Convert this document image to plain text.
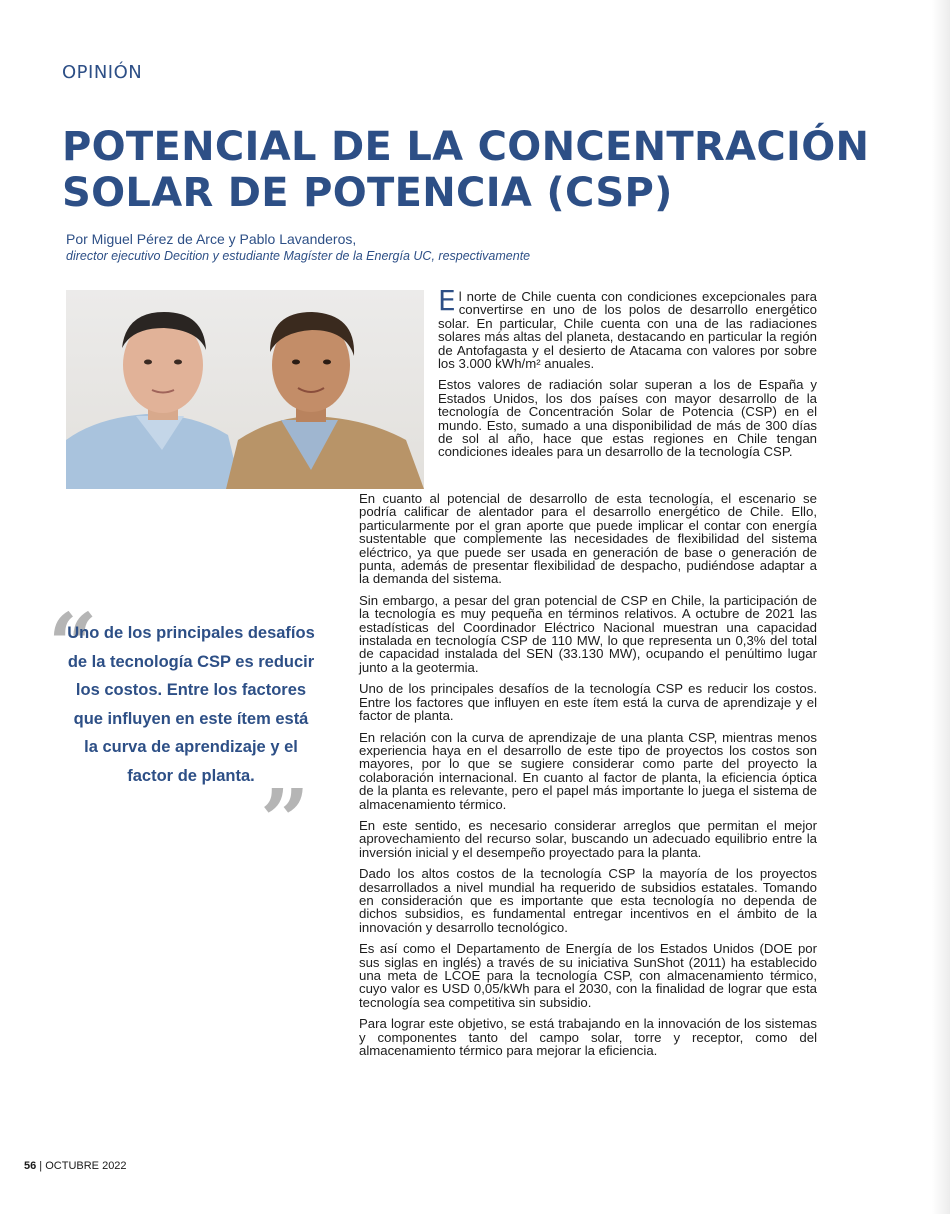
OPINIÓN
POTENCIAL DE LA CONCENTRACIÓN
SOLAR DE POTENCIA (CSP)
Por Miguel Pérez de Arce y Pablo Lavanderos,
director ejecutivo Decition y estudiante Magíster de la Energía UC, respectivamente

El norte de Chile cuenta con condiciones excepcionales para convertirse en uno de los polos de desarrollo energético solar. En particular, Chile cuenta con una de las radiaciones solares más altas del planeta, destacando en particular la región de Antofagasta y el desierto de Atacama con valores por sobre los 3.000 kWh/m² anuales.

Estos valores de radiación solar superan a los de España y Estados Unidos, los dos países con mayor desarrollo de la tecnología de Concentración Solar de Potencia (CSP) en el mundo. Esto, sumado a una disponibilidad de más de 300 días de sol al año, hace que estas regiones en Chile tengan condiciones ideales para un desarrollo de la tecnología CSP.

En cuanto al potencial de desarrollo de esta tecnología, el escenario se podría calificar de alentador para el desarrollo energético de Chile. Ello, particularmente por el gran aporte que puede implicar el contar con energía sustentable que complemente las necesidades de flexibilidad del sistema eléctrico, ya que puede ser usada en generación de base o generación de punta, además de presentar flexibilidad de despacho, pudiéndose adaptar a la demanda del sistema.

Sin embargo, a pesar del gran potencial de CSP en Chile, la participación de la tecnología es muy pequeña en términos relativos. A octubre de 2021 las estadísticas del Coordinador Eléctrico Nacional muestran una capacidad instalada en tecnología CSP de 110 MW, lo que representa un 0,3% del total de capacidad instalada del SEN (33.130 MW), ocupando el penúltimo lugar junto a la geotermia.

Uno de los principales desafíos de la tecnología CSP es reducir los costos. Entre los factores que influyen en este ítem está la curva de aprendizaje y el factor de planta.

En relación con la curva de aprendizaje de una planta CSP, mientras menos experiencia haya en el desarrollo de este tipo de proyectos los costos son mayores, por lo que se sugiere considerar como parte del proyecto la colaboración internacional. En cuanto al factor de planta, la eficiencia óptica de la planta es relevante, pero el papel más importante lo juega el sistema de almacenamiento térmico.

En este sentido, es necesario considerar arreglos que permitan el mejor aprovechamiento del recurso solar, buscando un adecuado equilibrio entre la inversión inicial y el desempeño proyectado para la planta.

Dado los altos costos de la tecnología CSP la mayoría de los proyectos desarrollados a nivel mundial ha requerido de subsidios estatales. Tomando en consideración que es importante que esta tecnología no dependa de dichos subsidios, es fundamental entregar incentivos en el ámbito de la innovación y desarrollo tecnológico.

Es así como el Departamento de Energía de los Estados Unidos (DOE por sus siglas en inglés) a través de su iniciativa SunShot (2011) ha establecido una meta de LCOE para la tecnología CSP, con almacenamiento térmico, cuyo valor es USD 0,05/kWh para el 2030, con la finalidad de lograr que esta tecnología sea competitiva sin subsidio.

Para lograr este objetivo, se está trabajando en la innovación de los sistemas y componentes tanto del campo solar, torre y receptor, como del almacenamiento térmico para mejorar la eficiencia.

“
Uno de los principales desafíos de la tecnología CSP es reducir los costos. Entre los factores que influyen en este ítem está la curva de aprendizaje y el factor de planta. ”
56 | OCTUBRE 2022
